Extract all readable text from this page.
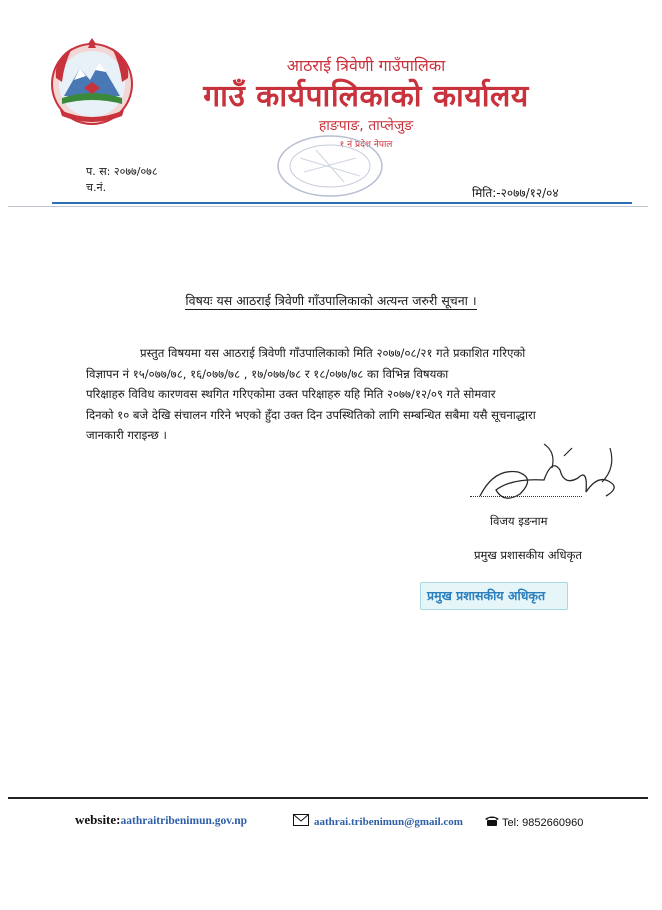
आठराई त्रिवेणी गाउँपालिका
गाउँ कार्यपालिकाको कार्यालय
हाङपाङ, ताप्लेजुङ
१ नं प्रदेश नेपाल
प. स: २०७७/०७८
च.नं.	मिति:-२०७७/१२/०४
विषयः यस आठराई त्रिवेणी गाँउपालिकाको अत्यन्त जरुरी सूचना ।
प्रस्तुत विषयमा यस आठराई त्रिवेणी गाँउपालिकाको मिति २०७७/०८/२१ गते प्रकाशित गरिएको
विज्ञापन नं १५/०७७/७८, १६/०७७/७८ , १७/०७७/७८ र १८/०७७/७८ का विभिन्न विषयका
परिक्षाहरु विविध कारणवस स्थगित गरिएकोमा उक्त परिक्षाहरु यहि मिति २०७७/१२/०९ गते सोमवार
दिनको १० बजे देखि संचालन गरिने भएको हुँदा उक्त दिन उपस्थितिको लागि सम्बन्धित सबैमा यसै सूचनाद्धारा
जानकारी गराइन्छ ।
विजय इङनाम
प्रमुख प्रशासकीय अधिकृत
प्रमुख प्रशासकीय अधिकृत
website:aathraitribenimun.gov.np	aathrai.tribenimun@gmail.com	Tel: 9852660960
